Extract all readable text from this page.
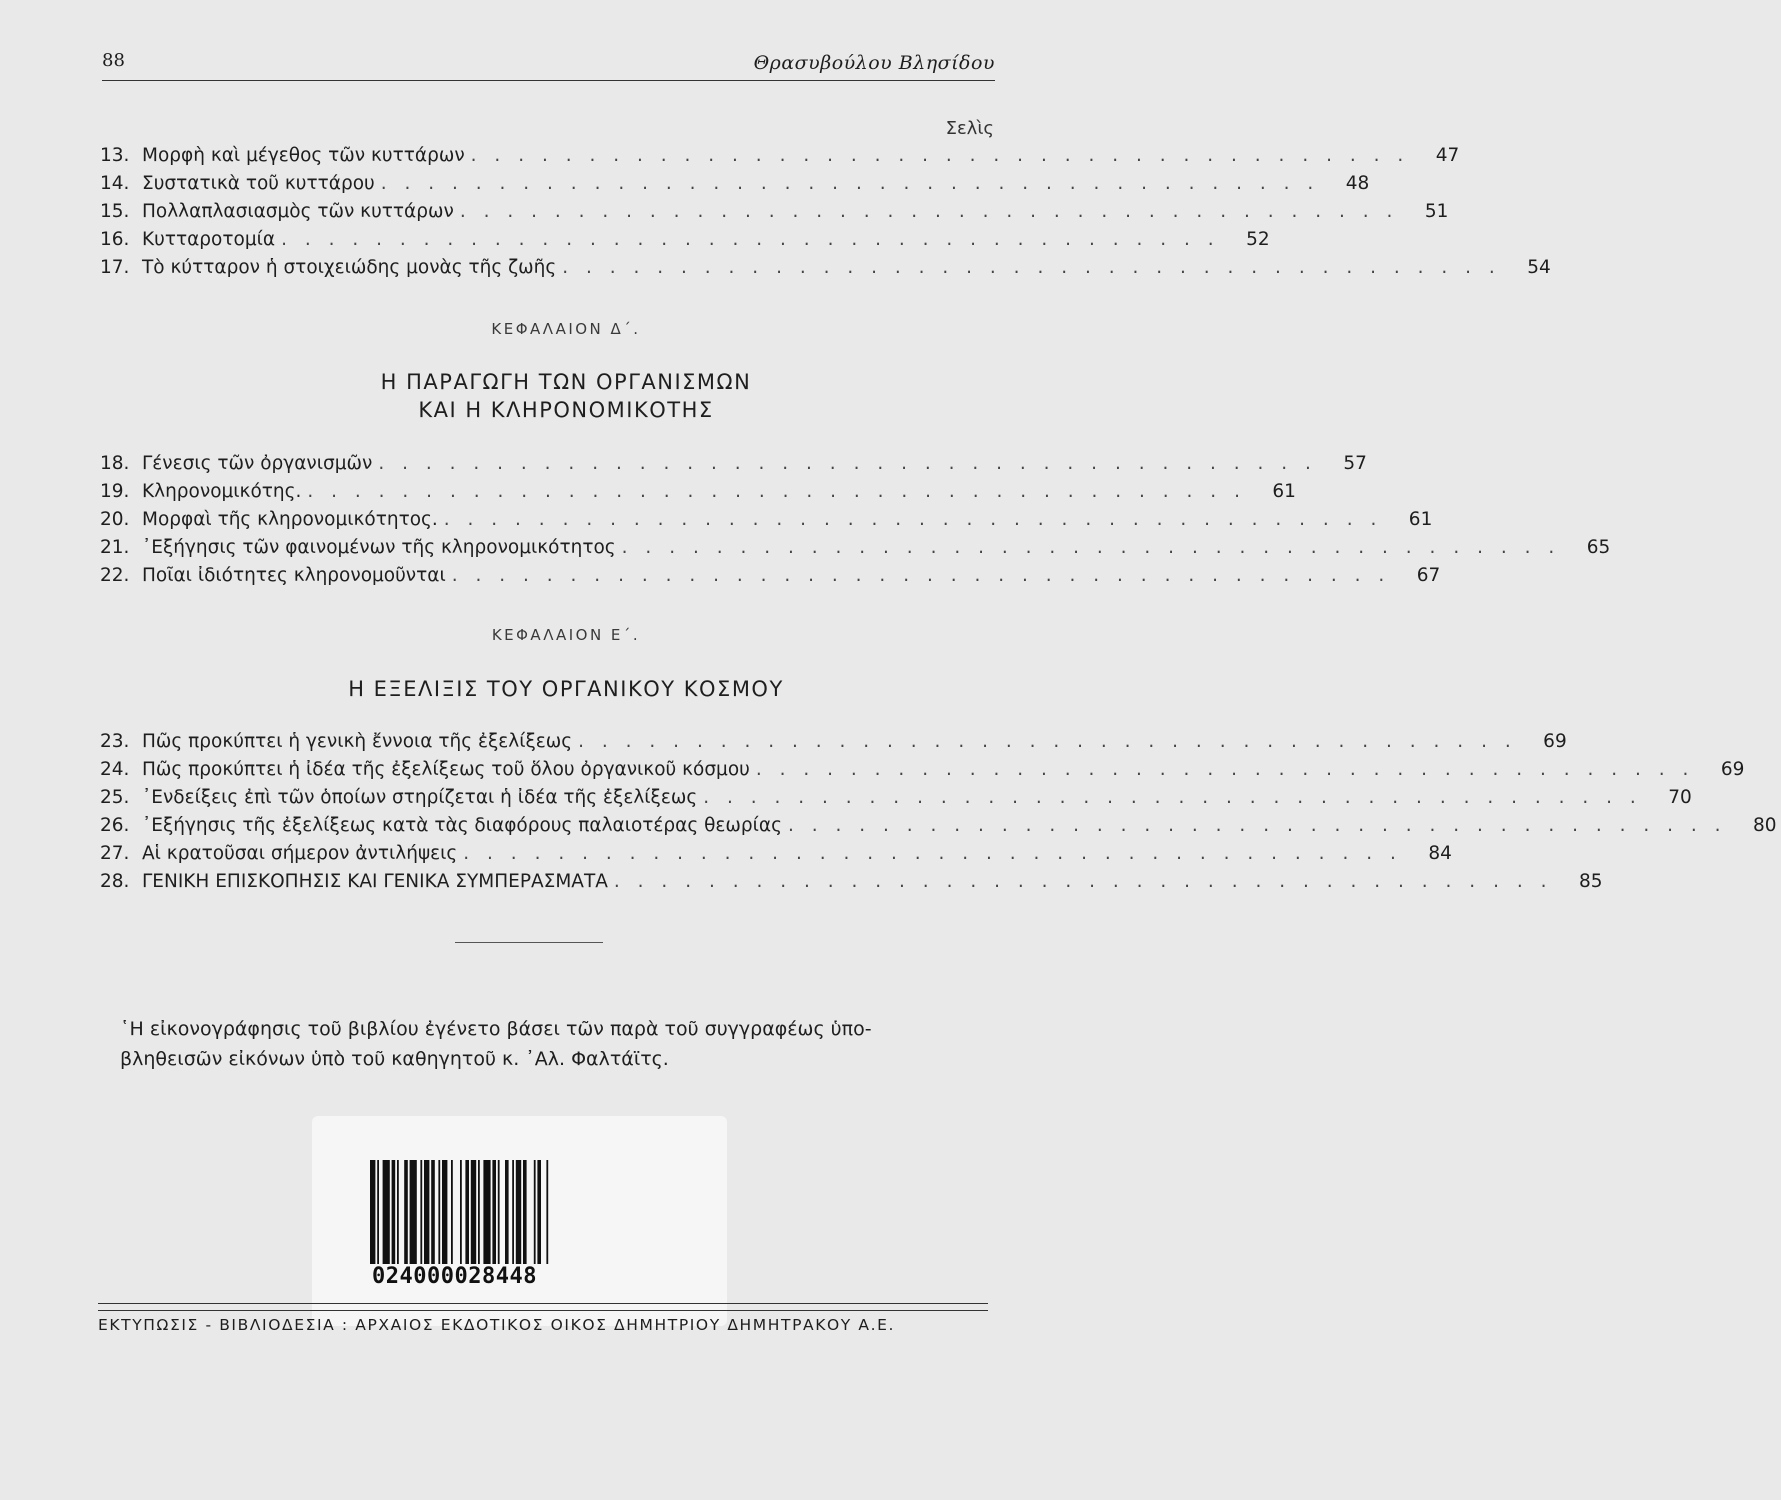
88	Θρασυβούλου Βλησίδου
Σελὶς
13. Μορφὴ καὶ μέγεθος τῶν κυττάρων . . . . . . . . . . . . . . . . . . . . . . . . . . . . . . . . . . . . . . . .	47
14. Συστατικὰ τοῦ κυττάρου . . . . . . . . . . . . . . . . . . . . . . . . . . . . . . . . . . . . . . . .	48
15. Πολλαπλασιασμὸς τῶν κυττάρων . . . . . . . . . . . . . . . . . . . . . . . . . . . . . . . . . . . . . . . .	51
16. Κυτταροτομία . . . . . . . . . . . . . . . . . . . . . . . . . . . . . . . . . . . . . . . .	52
17. Τὸ κύτταρον ἡ στοιχειώδης μονὰς τῆς ζωῆς . . . . . . . . . . . . . . . . . . . . . . . . . . . . . . . . . . . . . . . .	54
ΚΕΦΑΛΑΙΟΝ Δ΄.
Η ΠΑΡΑΓΩΓΗ ΤΩΝ ΟΡΓΑΝΙΣΜΩΝ
ΚΑΙ Η ΚΛΗΡΟΝΟΜΙΚΟΤΗΣ
18. Γένεσις τῶν ὀργανισμῶν . . . . . . . . . . . . . . . . . . . . . . . . . . . . . . . . . . . . . . . .	57
19. Κληρονομικότης. . . . . . . . . . . . . . . . . . . . . . . . . . . . . . . . . . . . . . . . .	61
20. Μορφαὶ τῆς κληρονομικότητος. . . . . . . . . . . . . . . . . . . . . . . . . . . . . . . . . . . . . . . . .	61
21. ᾿Εξήγησις τῶν φαινομένων τῆς κληρονομικότητος . . . . . . . . . . . . . . . . . . . . . . . . . . . . . . . . . . . . . . . .	65
22. Ποῖαι ἰδιότητες κληρονομοῦνται . . . . . . . . . . . . . . . . . . . . . . . . . . . . . . . . . . . . . . . .	67
ΚΕΦΑΛΑΙΟΝ Ε΄.
Η ΕΞΕΛΙΞΙΣ ΤΟΥ ΟΡΓΑΝΙΚΟΥ ΚΟΣΜΟΥ
23. Πῶς προκύπτει ἡ γενικὴ ἔννοια τῆς ἐξελίξεως . . . . . . . . . . . . . . . . . . . . . . . . . . . . . . . . . . . . . . . .	69
24. Πῶς προκύπτει ἡ ἰδέα τῆς ἐξελίξεως τοῦ ὅλου ὀργανικοῦ κόσμου . . . . . . . . . . . . . . . . . . . . . . . . . . . . . . . . . . . . . . . .	69
25. ᾿Ενδείξεις ἐπὶ τῶν ὁποίων στηρίζεται ἡ ἰδέα τῆς ἐξελίξεως . . . . . . . . . . . . . . . . . . . . . . . . . . . . . . . . . . . . . . . .	70
26. ᾿Εξήγησις τῆς ἐξελίξεως κατὰ τὰς διαφόρους παλαιοτέρας θεωρίας . . . . . . . . . . . . . . . . . . . . . . . . . . . . . . . . . . . . . . . .	80
27. Αἱ κρατοῦσαι σήμερον ἀντιλήψεις . . . . . . . . . . . . . . . . . . . . . . . . . . . . . . . . . . . . . . . .	84
28. ΓΕΝΙΚΗ ΕΠΙΣΚΟΠΗΣΙΣ ΚΑΙ ΓΕΝΙΚΑ ΣΥΜΠΕΡΑΣΜΑΤΑ . . . . . . . . . . . . . . . . . . . . . . . . . . . . . . . . . . . . . . . .	85

῾Η εἰκονογράφησις τοῦ βιβλίου ἐγένετο βάσει τῶν παρὰ τοῦ συγγραφέως ὑπο-

βληθεισῶν εἰκόνων ὑπὸ τοῦ καθηγητοῦ κ. ᾿Αλ. Φαλτάϊτς.

024000028448
ΕΚΤΥΠΩΣΙΣ - ΒΙΒΛΙΟΔΕΣΙΑ : ΑΡΧΑΙΟΣ ΕΚΔΟΤΙΚΟΣ ΟΙΚΟΣ ΔΗΜΗΤΡΙΟΥ ΔΗΜΗΤΡΑΚΟΥ Α.Ε.
